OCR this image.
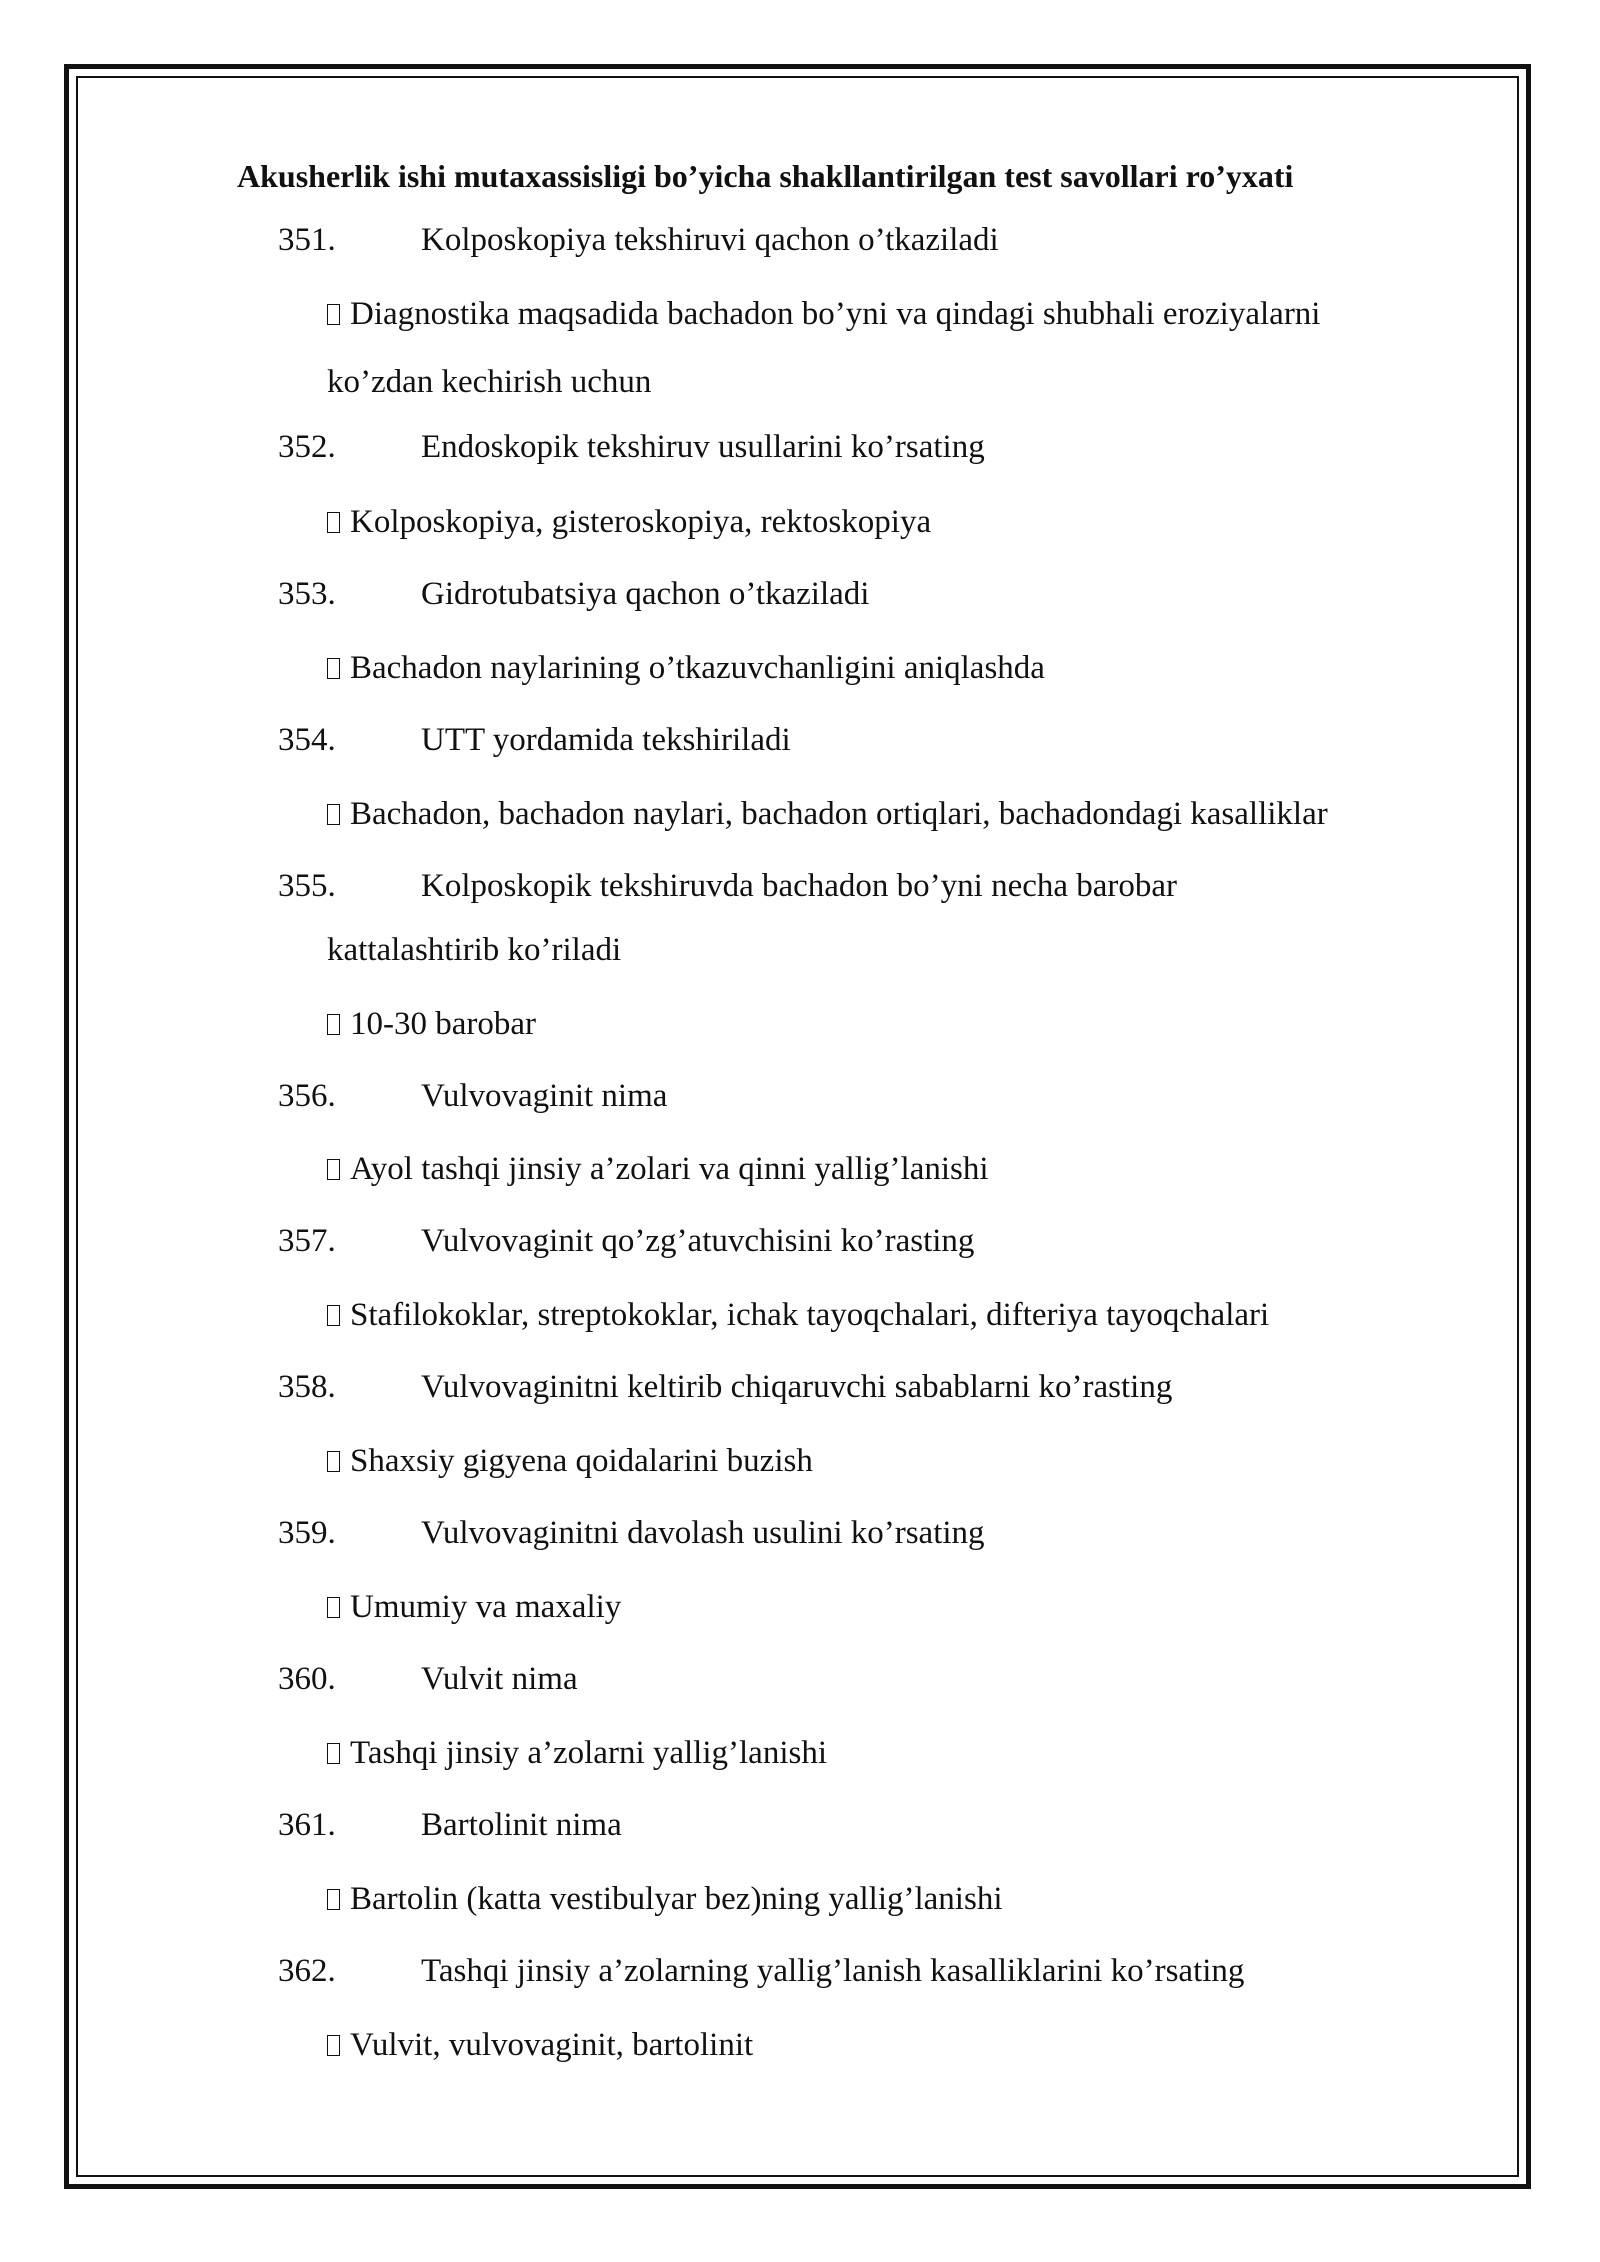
Akusherlik ishi mutaxassisligi bo’yicha shakllantirilgan test savollari ro’yxati
351.	Kolposkopiya tekshiruvi qachon o’tkaziladi
Diagnostika maqsadida bachadon bo’yni va qindagi shubhali eroziyalarni
ko’zdan kechirish uchun
352.	Endoskopik tekshiruv usullarini ko’rsating
Kolposkopiya, gisteroskopiya, rektoskopiya
353.	Gidrotubatsiya qachon o’tkaziladi
Bachadon naylarining o’tkazuvchanligini aniqlashda
354.	UTT yordamida tekshiriladi
Bachadon, bachadon naylari, bachadon ortiqlari, bachadondagi kasalliklar
355.	Kolposkopik tekshiruvda bachadon bo’yni necha barobar
kattalashtirib ko’riladi
10-30 barobar
356.	Vulvovaginit nima
Ayol tashqi jinsiy a’zolari va qinni yallig’lanishi
357.	Vulvovaginit qo’zg’atuvchisini ko’rasting
Stafilokoklar, streptokoklar, ichak tayoqchalari, difteriya tayoqchalari
358.	Vulvovaginitni keltirib chiqaruvchi sabablarni ko’rasting
Shaxsiy gigyena qoidalarini buzish
359.	Vulvovaginitni davolash usulini ko’rsating
Umumiy va maxaliy
360.	Vulvit nima
Tashqi jinsiy a’zolarni yallig’lanishi
361.	Bartolinit nima
Bartolin (katta vestibulyar bez)ning yallig’lanishi
362.	Tashqi jinsiy a’zolarning yallig’lanish kasalliklarini ko’rsating
Vulvit, vulvovaginit, bartolinit
